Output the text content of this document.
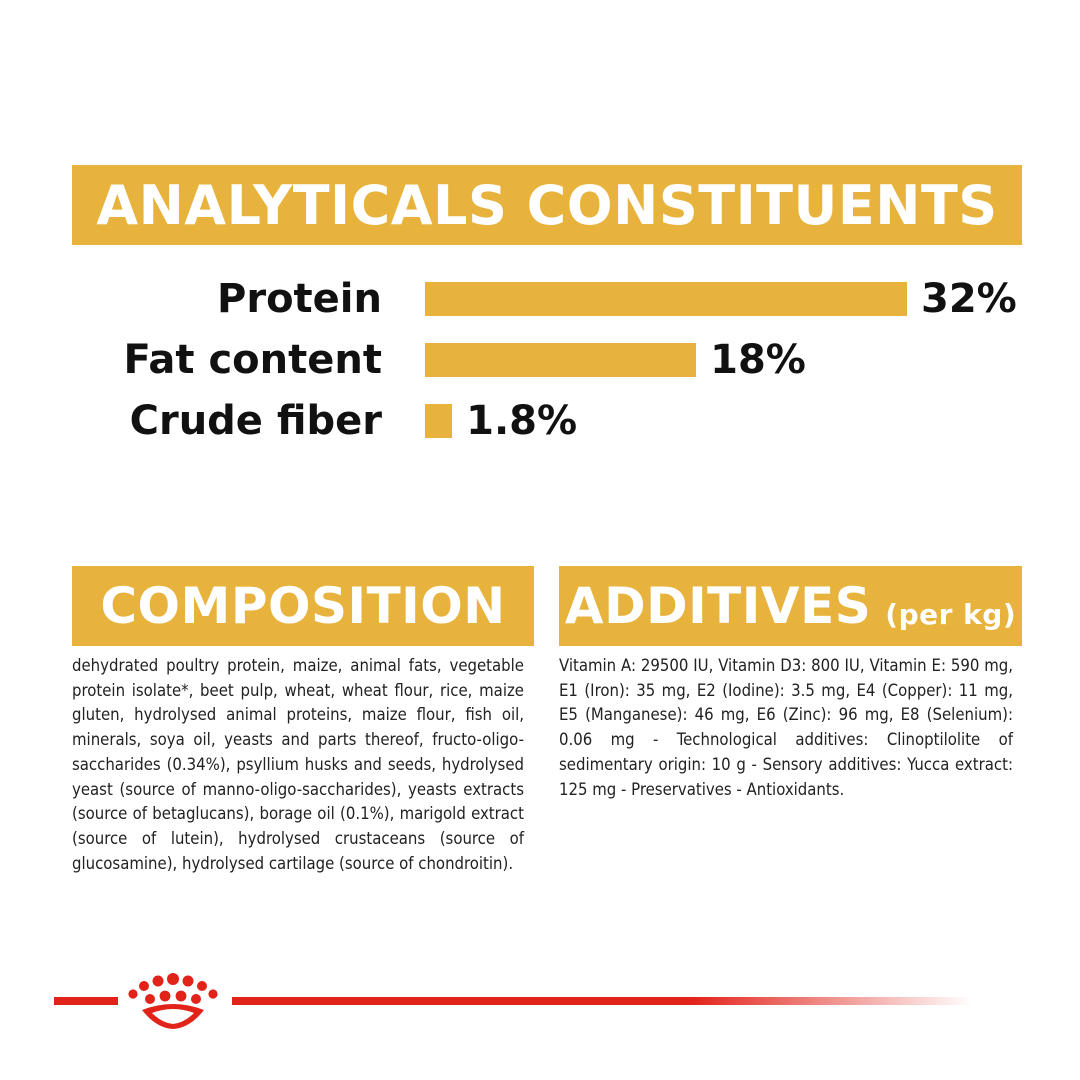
ANALYTICALS CONSTITUENTS
Protein	32%
Fat content	18%
Crude fiber 1.8%
COMPOSITION

dehydrated poultry protein, maize, animal fats, vegetable protein isolate*, beet pulp, wheat, wheat flour, rice, maize gluten, hydrolysed animal proteins, maize flour, fish oil, minerals, soya oil, yeasts and parts thereof, fructo-oligo-saccharides (0.34%), psyllium husks and seeds, hydrolysed yeast (source of manno-oligo-saccharides), yeasts extracts (source of betaglucans), borage oil (0.1%), marigold extract (source of lutein), hydrolysed crustaceans (source of glucosamine), hydrolysed cartilage (source of chondroitin).

ADDITIVES (per kg)

Vitamin A: 29500 IU, Vitamin D3: 800 IU, Vitamin E: 590 mg, E1 (Iron): 35 mg, E2 (Iodine): 3.5 mg, E4 (Copper): 11 mg, E5 (Manganese): 46 mg, E6 (Zinc): 96 mg, E8 (Selenium): 0.06 mg - Technological additives: Clinoptilolite of sedimentary origin: 10 g - Sensory additives: Yucca extract: 125 mg - Preservatives - Antioxidants.
